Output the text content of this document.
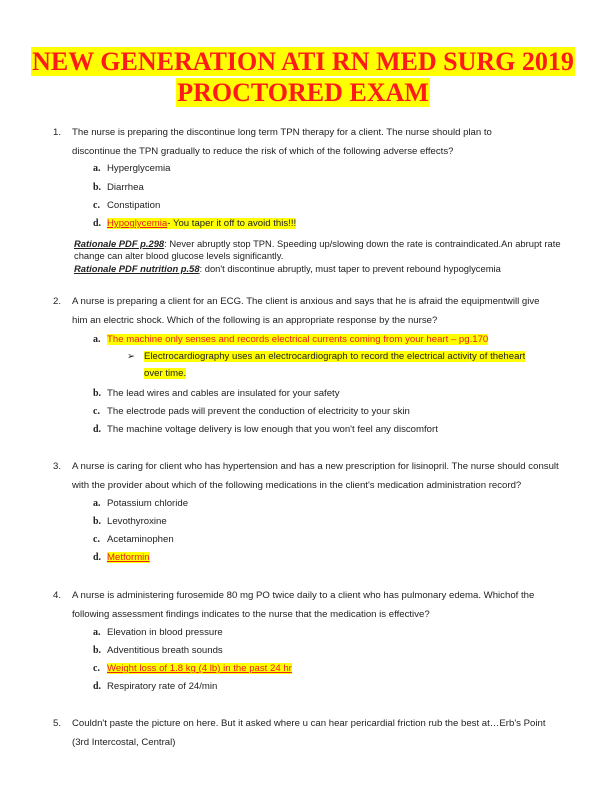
NEW GENERATION ATI RN MED SURG 2019
PROCTORED EXAM
1. The nurse is preparing the discontinue long term TPN therapy for a client. The nurse should plan to
discontinue the TPN gradually to reduce the risk of which of the following adverse effects?
a. Hyperglycemia
b. Diarrhea
c. Constipation
d. Hypoglycemia- You taper it off to avoid this!!!
Rationale PDF p.298: Never abruptly stop TPN. Speeding up/slowing down the rate is contraindicated.An abrupt rate
change can alter blood glucose levels significantly.
Rationale PDF nutrition p.58: don't discontinue abruptly, must taper to prevent rebound hypoglycemia
2. A nurse is preparing a client for an ECG. The client is anxious and says that he is afraid the equipmentwill give
him an electric shock. Which of the following is an appropriate response by the nurse?
a. The machine only senses and records electrical currents coming from your heart – pg.170
➢ Electrocardiography uses an electrocardiograph to record the electrical activity of theheart
over time.
b. The lead wires and cables are insulated for your safety
c. The electrode pads will prevent the conduction of electricity to your skin
d. The machine voltage delivery is low enough that you won't feel any discomfort
3. A nurse is caring for client who has hypertension and has a new prescription for lisinopril. The nurse should consult
with the provider about which of the following medications in the client's medication administration record?
a. Potassium chloride
b. Levothyroxine
c. Acetaminophen
d. Metformin
4. A nurse is administering furosemide 80 mg PO twice daily to a client who has pulmonary edema. Whichof the
following assessment findings indicates to the nurse that the medication is effective?
a. Elevation in blood pressure
b. Adventitious breath sounds
c. Weight loss of 1.8 kg (4 lb) in the past 24 hr
d. Respiratory rate of 24/min
5. Couldn't paste the picture on here. But it asked where u can hear pericardial friction rub the best at…Erb's Point
(3rd Intercostal, Central)
